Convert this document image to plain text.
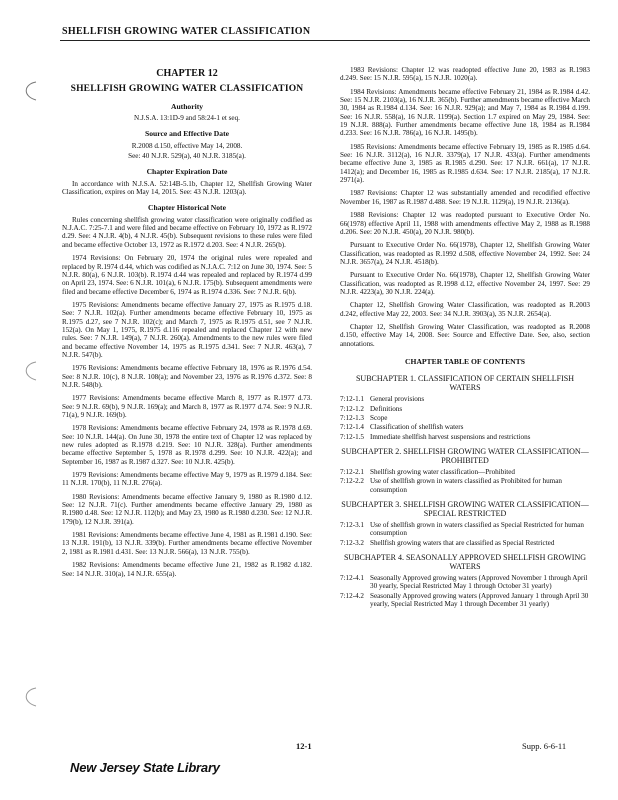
SHELLFISH GROWING WATER CLASSIFICATION
CHAPTER 12
SHELLFISH GROWING WATER CLASSIFICATION
Authority
N.J.S.A. 13:1D-9 and 58:24-1 et seq.
Source and Effective Date
R.2008 d.150, effective May 14, 2008.
See: 40 N.J.R. 529(a), 40 N.J.R. 3185(a).
Chapter Expiration Date

In accordance with N.J.S.A. 52:14B-5.1b, Chapter 12, Shellfish Growing Water Classification, expires on May 14, 2015. See: 43 N.J.R. 1203(a).

Chapter Historical Note

Rules concerning shellfish growing water classification were originally codified as N.J.A.C. 7:25-7.1 and were filed and became effective on February 10, 1972 as R.1972 d.29. See: 4 N.J.R. 4(b), 4 N.J.R. 45(b). Subsequent revisions to these rules were filed and became effective October 13, 1972 as R.1972 d.203. See: 4 N.J.R. 265(b).

1974 Revisions: On February 20, 1974 the original rules were repealed and replaced by R.1974 d.44, which was codified as N.J.A.C. 7:12 on June 30, 1974. See: 5 N.J.R. 80(a), 6 N.J.R. 103(b). R.1974 d.44 was repealed and replaced by R.1974 d.99 on April 23, 1974. See: 6 N.J.R. 101(a), 6 N.J.R. 175(b). Subsequent amendments were filed and became effective December 6, 1974 as R.1974 d.336. See: 7 N.J.R. 6(b).

1975 Revisions: Amendments became effective January 27, 1975 as R.1975 d.18. See: 7 N.J.R. 102(a). Further amendments became effective February 10, 1975 as R.1975 d.27, see 7 N.J.R. 102(c); and March 7, 1975 as R.1975 d.51, see 7 N.J.R. 152(a). On May 1, 1975, R.1975 d.116 repealed and replaced Chapter 12 with new rules. See: 7 N.J.R. 149(a), 7 N.J.R. 260(a). Amendments to the new rules were filed and became effective November 14, 1975 as R.1975 d.341. See: 7 N.J.R. 463(a), 7 N.J.R. 547(b).

1976 Revisions: Amendments became effective February 18, 1976 as R.1976 d.54. See: 8 N.J.R. 10(c), 8 N.J.R. 108(a); and November 23, 1976 as R.1976 d.372. See: 8 N.J.R. 548(b).

1977 Revisions: Amendments became effective March 8, 1977 as R.1977 d.73. See: 9 N.J.R. 69(b), 9 N.J.R. 169(a); and March 8, 1977 as R.1977 d.74. See: 9 N.J.R. 71(a), 9 N.J.R. 169(b).

1978 Revisions: Amendments became effective February 24, 1978 as R.1978 d.69. See: 10 N.J.R. 144(a). On June 30, 1978 the entire text of Chapter 12 was replaced by new rules adopted as R.1978 d.219. See: 10 N.J.R. 328(a). Further amendments became effective September 5, 1978 as R.1978 d.299. See: 10 N.J.R. 422(a); and September 16, 1987 as R.1987 d.327. See: 10 N.J.R. 425(b).

1979 Revisions: Amendments became effective May 9, 1979 as R.1979 d.184. See: 11 N.J.R. 170(b), 11 N.J.R. 276(a).

1980 Revisions: Amendments became effective January 9, 1980 as R.1980 d.12. See: 12 N.J.R. 71(c). Further amendments became effective January 29, 1980 as R.1980 d.48. See: 12 N.J.R. 112(b); and May 23, 1980 as R.1980 d.230. See: 12 N.J.R. 179(b), 12 N.J.R. 391(a).

1981 Revisions: Amendments became effective June 4, 1981 as R.1981 d.190. See: 13 N.J.R. 191(b), 13 N.J.R. 339(b). Further amendments became effective November 2, 1981 as R.1981 d.431. See: 13 N.J.R. 566(a), 13 N.J.R. 755(b).

1982 Revisions: Amendments became effective June 21, 1982 as R.1982 d.182. See: 14 N.J.R. 310(a), 14 N.J.R. 655(a).

1983 Revisions: Chapter 12 was readopted effective June 20, 1983 as R.1983 d.249. See: 15 N.J.R. 595(a), 15 N.J.R. 1020(a).

1984 Revisions: Amendments became effective February 21, 1984 as R.1984 d.42. See: 15 N.J.R. 2103(a), 16 N.J.R. 365(b). Further amendments became effective March 30, 1984 as R.1984 d.134. See: 16 N.J.R. 929(a); and May 7, 1984 as R.1984 d.199. See: 16 N.J.R. 558(a), 16 N.J.R. 1199(a). Section 1.7 expired on May 29, 1984. See: 19 N.J.R. 888(a). Further amendments became effective June 18, 1984 as R.1984 d.233. See: 16 N.J.R. 786(a), 16 N.J.R. 1495(b).

1985 Revisions: Amendments became effective February 19, 1985 as R.1985 d.64. See: 16 N.J.R. 3112(a), 16 N.J.R. 3379(a), 17 N.J.R. 433(a). Further amendments became effective June 3, 1985 as R.1985 d.290. See: 17 N.J.R. 661(a), 17 N.J.R. 1412(a); and December 16, 1985 as R.1985 d.634. See: 17 N.J.R. 2185(a), 17 N.J.R. 2971(a).

1987 Revisions: Chapter 12 was substantially amended and recodified effective November 16, 1987 as R.1987 d.488. See: 19 N.J.R. 1129(a), 19 N.J.R. 2136(a).

1988 Revisions: Chapter 12 was readopted pursuant to Executive Order No. 66(1978) effective April 11, 1988 with amendments effective May 2, 1988 as R.1988 d.206. See: 20 N.J.R. 450(a), 20 N.J.R. 980(b).

Pursuant to Executive Order No. 66(1978), Chapter 12, Shellfish Growing Water Classification, was readopted as R.1992 d.508, effective November 24, 1992. See: 24 N.J.R. 3657(a), 24 N.J.R. 4518(b).

Pursuant to Executive Order No. 66(1978), Chapter 12, Shellfish Growing Water Classification, was readopted as R.1998 d.12, effective November 24, 1997. See: 29 N.J.R. 4223(a), 30 N.J.R. 224(a).

Chapter 12, Shellfish Growing Water Classification, was readopted as R.2003 d.242, effective May 22, 2003. See: 34 N.J.R. 3903(a), 35 N.J.R. 2654(a).

Chapter 12, Shellfish Growing Water Classification, was readopted as R.2008 d.150, effective May 14, 2008. See: Source and Effective Date. See, also, section annotations.

CHAPTER TABLE OF CONTENTS
SUBCHAPTER 1. CLASSIFICATION OF CERTAIN SHELLFISH WATERS
7:12-1.1 General provisions
7:12-1.2 Definitions
7:12-1.3 Scope
7:12-1.4 Classification of shellfish waters
7:12-1.5 Immediate shellfish harvest suspensions and restrictions
SUBCHAPTER 2. SHELLFISH GROWING WATER CLASSIFICATION—PROHIBITED
7:12-2.1 Shellfish growing water classification—Prohibited
7:12-2.2 Use of shellfish grown in waters classified as Prohibited for human consumption
SUBCHAPTER 3. SHELLFISH GROWING WATER CLASSIFICATION—SPECIAL RESTRICTED
7:12-3.1 Use of shellfish grown in waters classified as Special Restricted for human consumption
7:12-3.2 Shellfish growing waters that are classified as Special Restricted
SUBCHAPTER 4. SEASONALLY APPROVED SHELLFISH GROWING WATERS
7:12-4.1 Seasonally Approved growing waters (Approved November 1 through April 30 yearly, Special Restricted May 1 through October 31 yearly)
7:12-4.2 Seasonally Approved growing waters (Approved January 1 through April 30 yearly, Special Restricted May 1 through December 31 yearly)
12-1	Supp. 6-6-11
New Jersey State Library
